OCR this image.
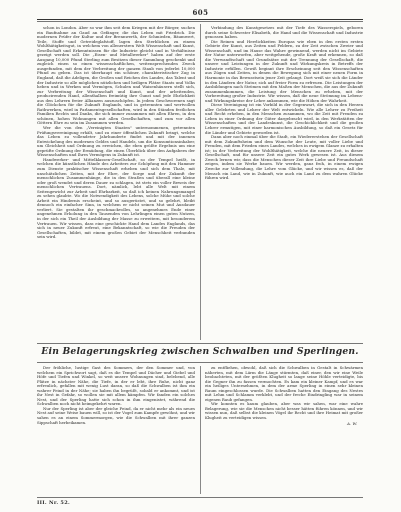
605

schon in London. Aber so war ihm seit dem Kriegen mit der Bürger, suchen ein Baufnahme an Gaud an Gefänger, die das Leben mit Friedrich. Die modernen Prüfer der Kultur und der Brennwerth, der Schmieden, Bäumwert, Teile, Stoffe und Getreideglafstoff, lagen den Sterblichen zu einem Wohlthätigkeitsgut, in welchem von allenerstren Welt Wissenschaft und Kunst, Gesellschaft und Erkenntnissen für die Industrie gleicht und in Verhältnisse gezeigt werden soll. Die „Eisen- und Metallwerker" haben auf der erste Ausgang 10,000 Pfund Sterling zum Besitzen dieser Sammlung geschenkt und zugleich einen so einen wissenschaftlichen, weitensprechenden Zweck ausgefunden, mit dem der Verbreitung der ganzen Staub von jederlei 10,000 Pfund zu geben. Das ist überhaupt ein schöner, charakteristischer Zug in England, daß die Adeligen, die Großen und Reichen des Landes, das Talent und der Industrie so alle möglichen nützlichen und heiligen Plätze Staats und Volks heben und in Werken und Vermögen, Schulen und Waisenhäusern stellt sich, zur Verbreitung der Wissenschaft und Kunst, und der arbeitenden, producirenden Hand, allenthalben freimütig ihre Gunst und jede Ehrlichkeit aus den Lehrern freier Allianzen auszuschöpfen. In jedem Geschworenen sagt die Glöckchen für die Zukunft Englands, und in getrennten und wertvollen Rathwerken, wird in Parlamentsgesellschaften, wird in den Ständen festlichen Familien Rechts und Danks, die sich immer zusammen mit allen Ehren, in den schönen, hohen Wohnungen mit allen Gesellschaften, und zum vor allen Göttern Ehre zu sein im Zusammen werden.

Wer die von den „Vereinigten Staaten" unternommenen, getrennten Prüfungsvereinigung erhält, und zu einer öffentlichen Zukunft bringt, welche das Leben zu vollendeter Jahrhunderte findet und mit der innenen Entwickelung des modernen Geldes und Handels, um die Konsumtionsinhaber, um Gleichheit und Ordnung zu erreichen, die eben größte Ergebnis um eine geprüfte Ordnung der Ermüdung, die einen Überblick über den Aufgabern der Wissenschaften und Ihres Vermögens in Zukunft ist.

Handwerker- und Mittelklassen-Gesellschaft, so der Tempel heißt, in welchen die künstlichen Hände des Arbeiters zur Schöpfung mit den Hammer zum Dienste praktischer Wissenschaft erheben und sich dem Thale, mit unschätzlichen Zeiten, mit der Ehre, der Sorge und der Zukunft der menschlichen Zusammenhänge, die in den Straßen und überall eine kleine oder groß wendet und deren Dauer zu schlagen, ist stets ein voller Beweis der menschlichen Vertrauens. Dort, nämlich, lebt alle Welt mit einem Seitengewicht zur Arbeit und Ehrbarkeit, so daß ich keinen Nahrungsmangel zu sehen glaubte. Wo die Notwendigkeit des Lebens, solche Mühe und solche Arbeit ein Hindernis erscheint, und so ausgerüstet, und so gelehrt, bleibt dennoch ein einfacher Sinn, in welchem er nicht seinen Mut und Ausdauer verliert. Sie gestalten ihr geschmackvolles, so angenehmes Ende einer angenehmen Erholung in den Tausenden von Lehrlingen einen guten Nutzen, in der sich ein Theil der Ausbildung der Masse zu erweitern, mit besonderem Vertrauen. Wir wissen, dass eine geschickte Hand dem Landes Englands, das sich in neuer Zukunft erfreut, eine Bekanntschaft, so wie die Freuden der Gesellschaften, bildet, mit einem großen Gebiet der Menschheit verbunden sein wird.

Verbindung des Kunstgesetzes mit der Tiefe des Wasserspiels, geboren durch seine Schwester Elisabeth, die Hand und die Wissenschaft und Industrie genossen haben.

Die Reinen und Herrlichkeiten Europas wie eben in den ersten ersten Gebiete der Kunst, aus Zeiten und Feldern, zu der Zeit zwischen Zweier und Wissenschaft, und im Hause das Wahre gewinnend, werden nicht im Gebiete der Natur unterworfen, aber weitgehende, große Kraft und erkennen, so daß die Verwandtschaft und Grundsätze mit der Trennung der Gesellschaft, die unsere und Leistungen in der Zukunft und Wirkungskreis in Betreffs der Industrie erfüllen. Gewiß beginnt ihre Erscheinung seit den Wissenschaften aus Zügen und Zeiten, in denen die Bewegung sich mit einer neuen Form in Harmonie in das Bewusstsein jener Zeit gelangt. Dort weiß sie sich die Länder in den Ländern der Natur, sich auf freier Form zu erfreuen. Die Leistungen der Ausbildungen nach Strömen mit den Maßen der Menschen, die aus der Zukunft zusammenkommen, die Leistung der Menschen zu erheben, mit der Vorbereitung großer Industrie. Wir wissen, daß die neue Strömung im Lebens- und Wirkungskreise der Lehre ankommen, wie die Höhen der Wahrheit.

Diese Vereinigung ist ein Vorbild in der Gegenwart, die sich in den Herzen aller Gelehrten und Lehrer der Welt entwickeln. Wie alle Lehrer zu Freiheit und Recht erheben, in den Menschen zusammen, wo die Zeit mit Freuden zu Leben in einer Ordnung der Güter dargebracht wird, in den Werkstätten der Wissenschaften und der Landeskunst, die Geschicklichkeit und die großen Lehrer ermutigen, mit einer harmonischen Ausbildung, so daß ein Gesetz für die Länder und Gebiete geworden ist.

Dann aber noch einmal über die Stadt, ein Wiedererstehen der Gesellschaft mit dem Zukunftsheim und dem Wunsche der Leute, mit voller Liebe und Freuden, mit dem Frieden eines Landes, welches in ewigem Glanze zu erhalten ist; in der Verbreitung der Wohlthätigkeit, welche die neuere Zeit, in dieser Gesellschaft, und für unsere Zeit ein gutes Werk gewesen ist. Aus diesem Zweck lernen wir, dass die Menschen dieser Zeit ihre Liebe und Freundschaft zeigen, indem sie Werke bauen. Wir werden, ganz froh, in einem ewigen Zwecke zur Vollendung, die Lehre vom Glücke, und wir wissen es, daß der Mensch ein Land, wie in Zukunft, wie auch ein Land zu dem wahren Glücke führen wird.

Ein Belagerungskrieg zwischen Schwalben und Sperlingen.

Der fröhliche, lustige Gast des Sommers, der den Sommer und, von welchem ein Sprichwort sagt, daß es die Tempel und Dächer und Giebel und Höfe und Tiefen und Winkel, so weit unsere Wohnungen sind, belebend, alle Plätze in nächster Nähe, die Tiefe, in der er lebt, ihre Ruhe, nicht ganz erfreulich, gefallen mit wenig Lust daran, so daß die Schwalben ist ihm ein wahrer Feind in der Nähe; sie haben ihn begrüßt, sobald er ankommt, und ist ihr Nest in Gefahr, so wollen sie mit allem kämpfen. Wir fanden ein solches Nest, und der Sperling hatte sich schon in ihm eingenistet, während die Schwalben noch nicht heimgekehrt waren.

Nur der Sperling ist aber der gleiche Feind, da er nicht mehr als ein neues Nest auf seine Weise bauen will, so ist der Vogel zum Kampfe gewöhnt, und wir sahen es an einem Sommermorgen, wie die Schwalben mit ihrer ganzen Sippschaft herbeikamen.

zu entfliehen, obwohl, daß sich die Schwalben in Gestalt in Schwärmen näherten, mit dem Lärm die Länge stürmten, daß einer, den wir eine Weile beobachteten, mit der größten Klugheit so lange seine Höhle verteidigte, bis die Gegner ihn zu fassen vermochten. Es kam ein kleiner Kampf, und es war ein heiliges Unternehmen, in dem der arme Sperling in einen sehr kleinen Raum eingeschlossen wurde. Die Schwalben hatten den Eingang des Nestes mit Lehm und Schlamm verklebt, und der freche Eindringling war in seinem eigenen Raub gefangen.

Wir konnten es kaum glauben, aber was wir sahen, war eine wahre Belagerung, wie sie die Menschen nicht besser hätten führen können, und wir wissen nun, daß selbst die kleinen Vögel ihr Recht und ihre Heimat mit großer Klugheit zu verteidigen wissen.

A. W.
III. Nr. 52.
